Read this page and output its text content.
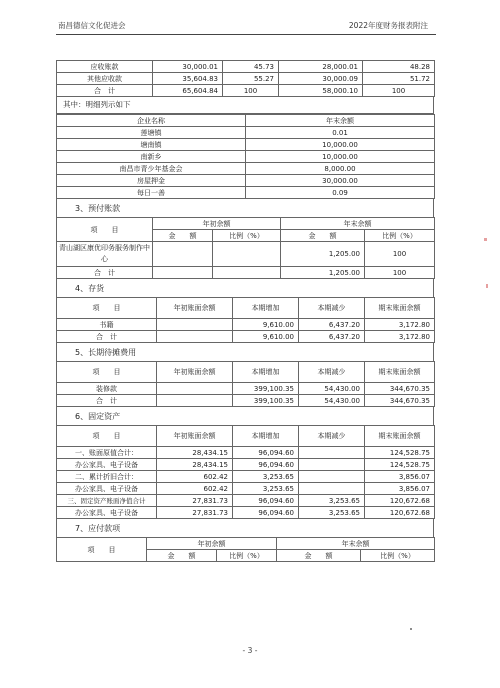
南昌德信文化促进会	2022年度财务报表附注
应收账款	30,000.01	45.73	28,000.01	48.28
其他应收款	35,604.83	55.27	30,000.09	51.72
合　计	65,604.84	100	58,000.10	100
其中：明细列示如下
企业名称	年末余额
莲塘镇	0.01
塘南镇	10,000.00
南新乡	10,000.00
南昌市青少年基金会	8,000.00
房屋押金	30,000.00
每日一善	0.09
3、预付账款
项　　目	年初余额		年末余额	
	金　　额	比例（%）	金　　额	比例（%）
青山湖区康优印务服务制作中心			1,205.00	100
合　计			1,205.00	100
4、存货
项　　目	年初账面余额	本期增加	本期减少	期末账面余额
书籍		9,610.00	6,437.20	3,172.80
合　计		9,610.00	6,437.20	3,172.80
5、长期待摊费用
项　　目	年初账面余额	本期增加	本期减少	期末账面余额
装修款		399,100.35	54,430.00	344,670.35
合　计		399,100.35	54,430.00	344,670.35
6、固定资产
项　　目	年初账面余额	本期增加	本期减少	期末账面余额
一、账面原值合计：	28,434.15	96,094.60		124,528.75
办公家具、电子设备	28,434.15	96,094.60		124,528.75
二、累计折旧合计：	602.42	3,253.65		3,856.07
办公家具、电子设备	602.42	3,253.65		3,856.07
三、固定资产账面净值合计	27,831.73	96,094.60	3,253.65	120,672.68
办公家具、电子设备	27,831.73	96,094.60	3,253.65	120,672.68
7、应付款项
项　　目	年初余额		年末余额	
	金　　额	比例（%）	金　　额	比例（%）
- 3 -
